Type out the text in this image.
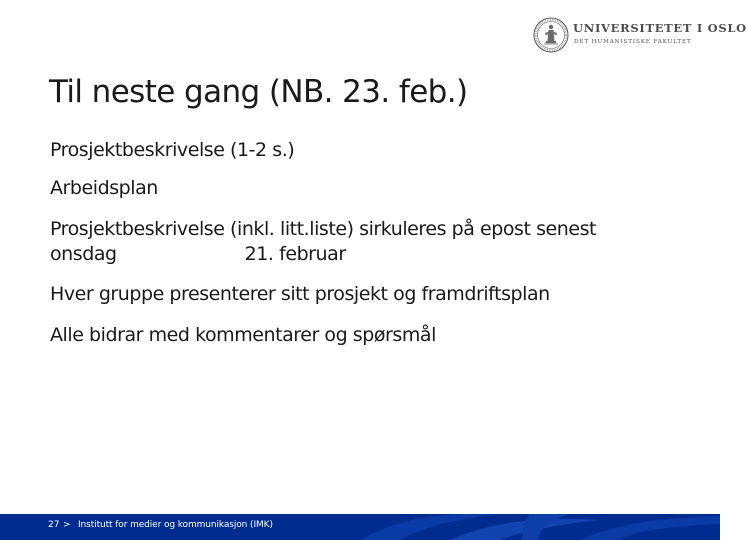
UNIVERSITETET I OSLO
DET HUMANISTISKE FAKULTET
Til neste gang (NB. 23. feb.)
Prosjektbeskrivelse (1-2 s.)
Arbeidsplan
Prosjektbeskrivelse (inkl. litt.liste) sirkuleres på epost senest
onsdag	21. februar
Hver gruppe presenterer sitt prosjekt og framdriftsplan
Alle bidrar med kommentarer og spørsmål
27 > Institutt for medier og kommunikasjon (IMK)
